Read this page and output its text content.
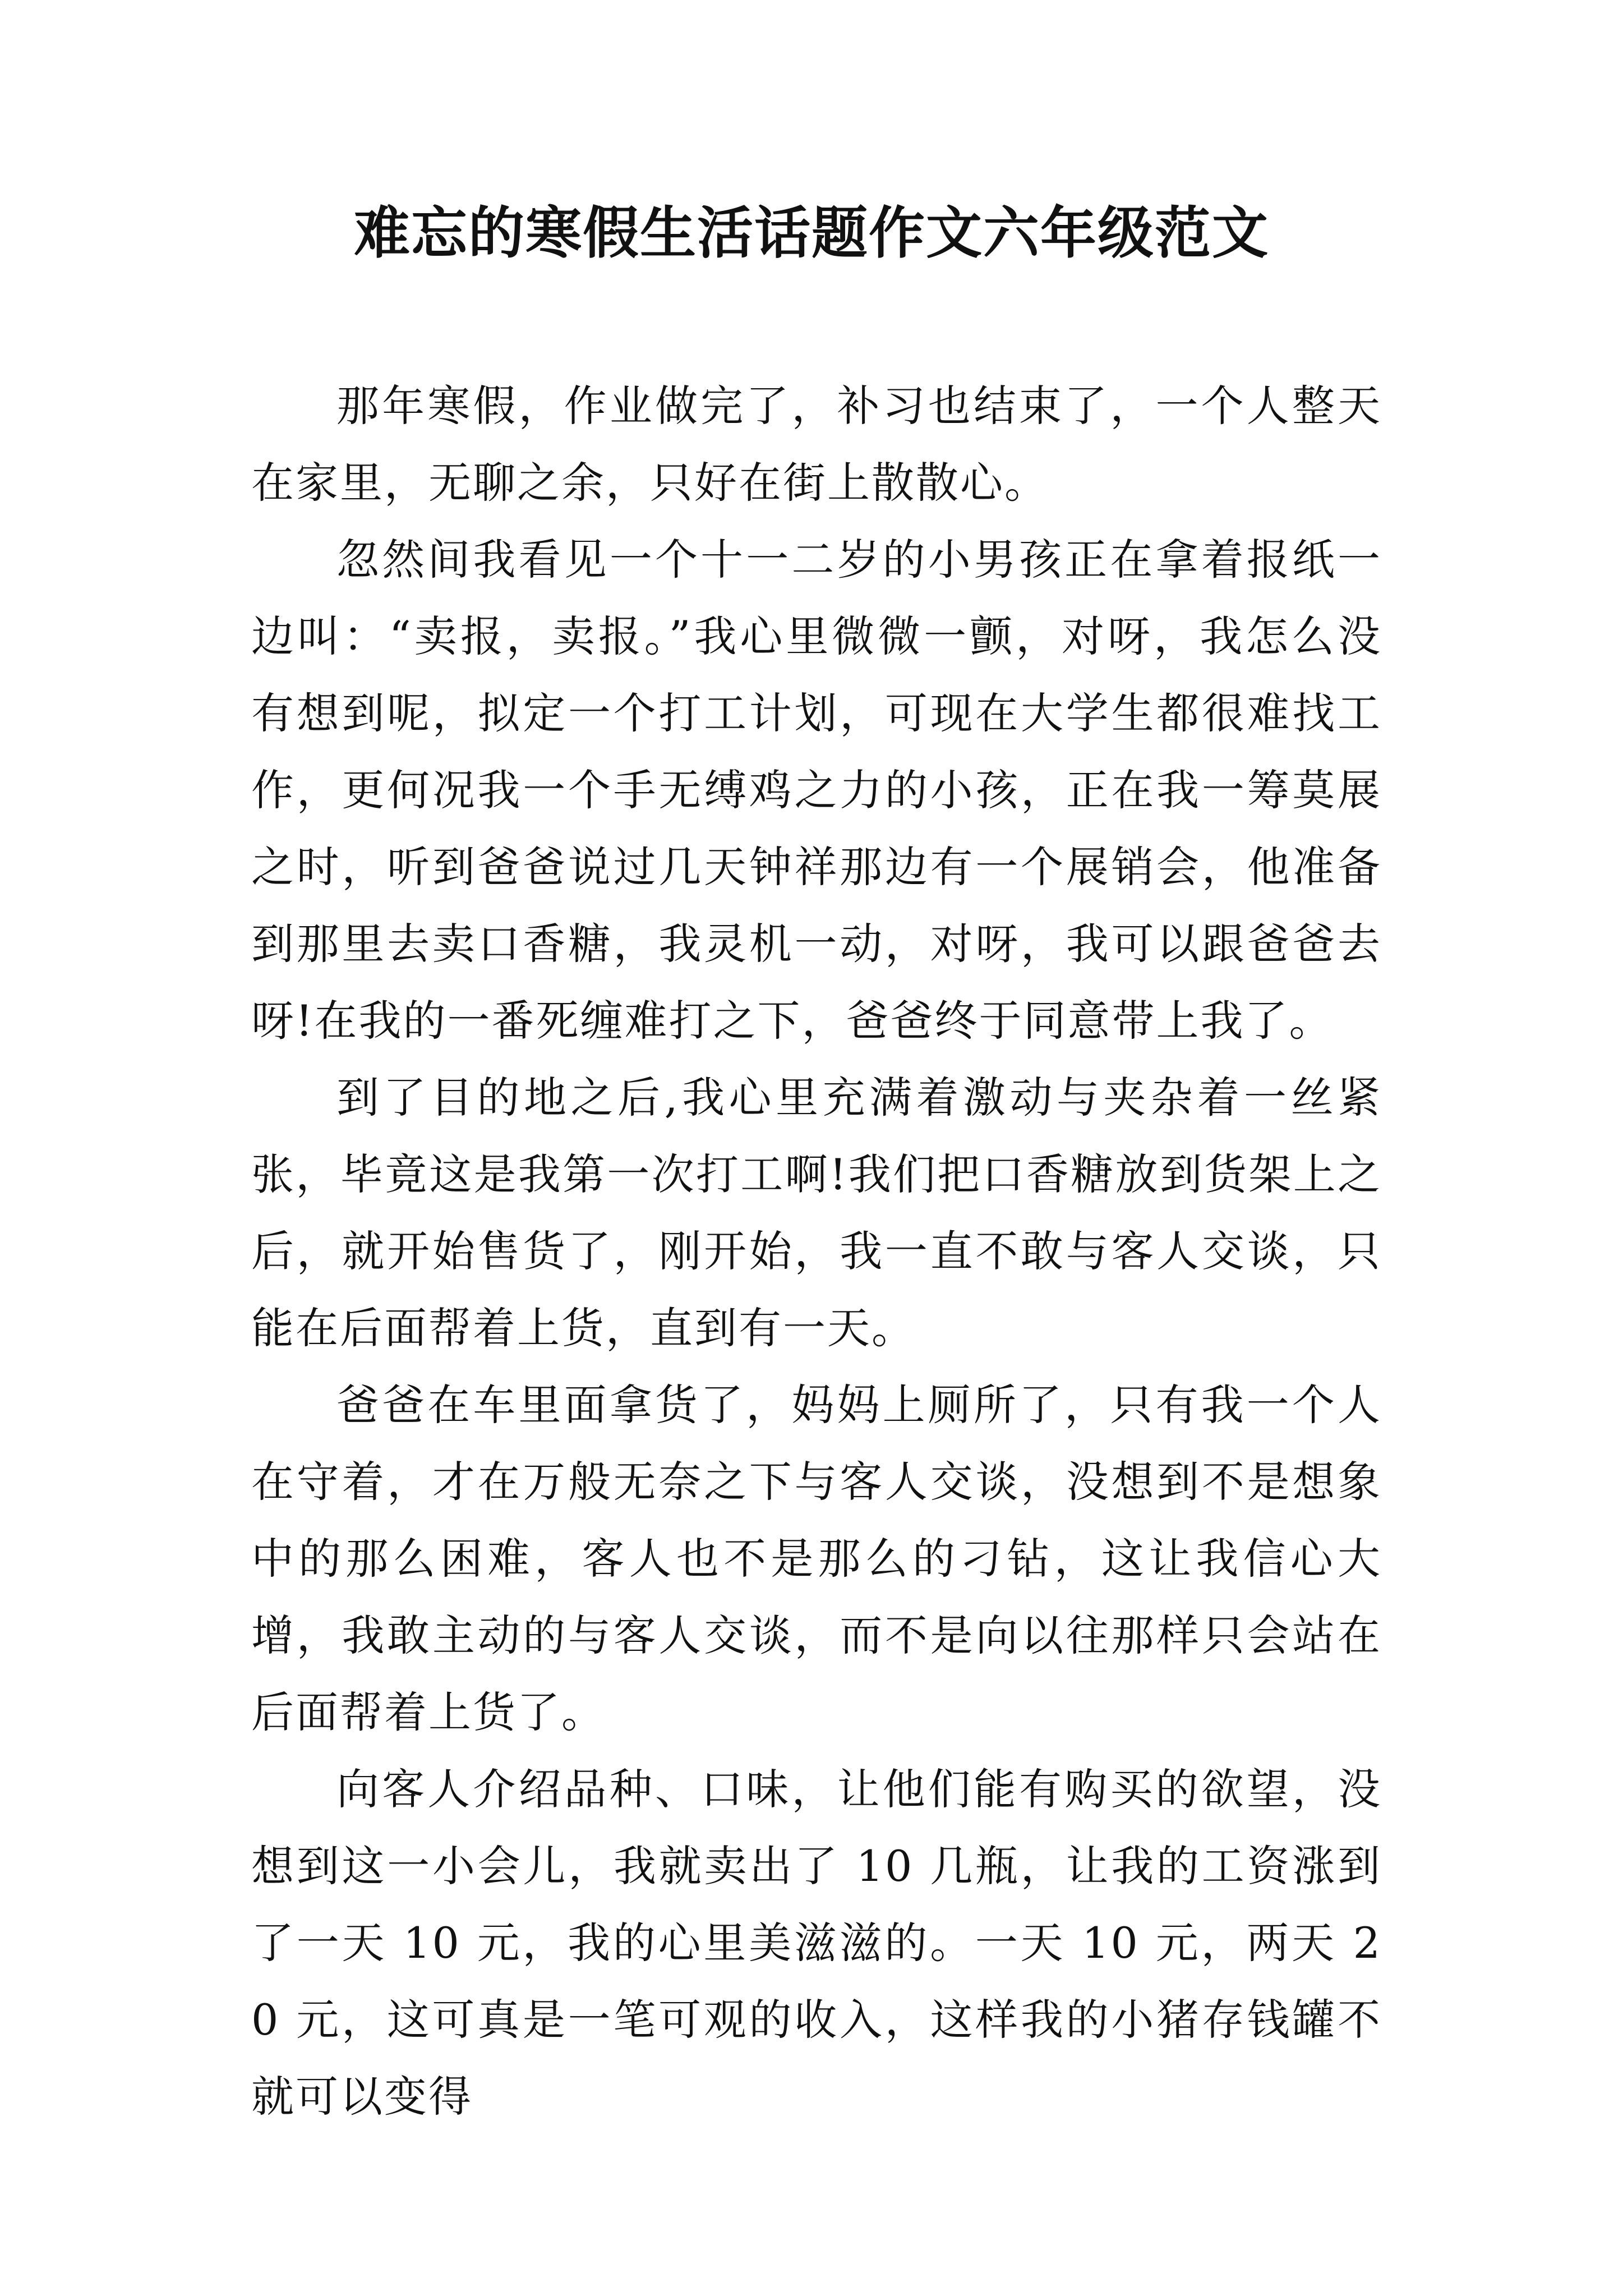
难忘的寒假生活话题作文六年级范文

那年寒假，作业做完了，补习也结束了，一个人整天在家里，无聊之余，只好在街上散散心。

忽然间我看见一个十一二岁的小男孩正在拿着报纸一边叫：“卖报，卖报。”我心里微微一颤，对呀，我怎么没有想到呢，拟定一个打工计划，可现在大学生都很难找工作，更何况我一个手无缚鸡之力的小孩，正在我一筹莫展之时，听到爸爸说过几天钟祥那边有一个展销会，他准备到那里去卖口香糖，我灵机一动，对呀，我可以跟爸爸去呀!在我的一番死缠难打之下，爸爸终于同意带上我了。

到了目的地之后,我心里充满着激动与夹杂着一丝紧张，毕竟这是我第一次打工啊!我们把口香糖放到货架上之后，就开始售货了，刚开始，我一直不敢与客人交谈，只能在后面帮着上货，直到有一天。

爸爸在车里面拿货了，妈妈上厕所了，只有我一个人在守着，才在万般无奈之下与客人交谈，没想到不是想象中的那么困难，客人也不是那么的刁钻，这让我信心大增，我敢主动的与客人交谈，而不是向以往那样只会站在后面帮着上货了。

向客人介绍品种、口味，让他们能有购买的欲望，没想到这一小会儿，我就卖出了 10 几瓶，让我的工资涨到了一天 10 元，我的心里美滋滋的。一天 10 元，两天 20 元，这可真是一笔可观的收入，这样我的小猪存钱罐不就可以变得
